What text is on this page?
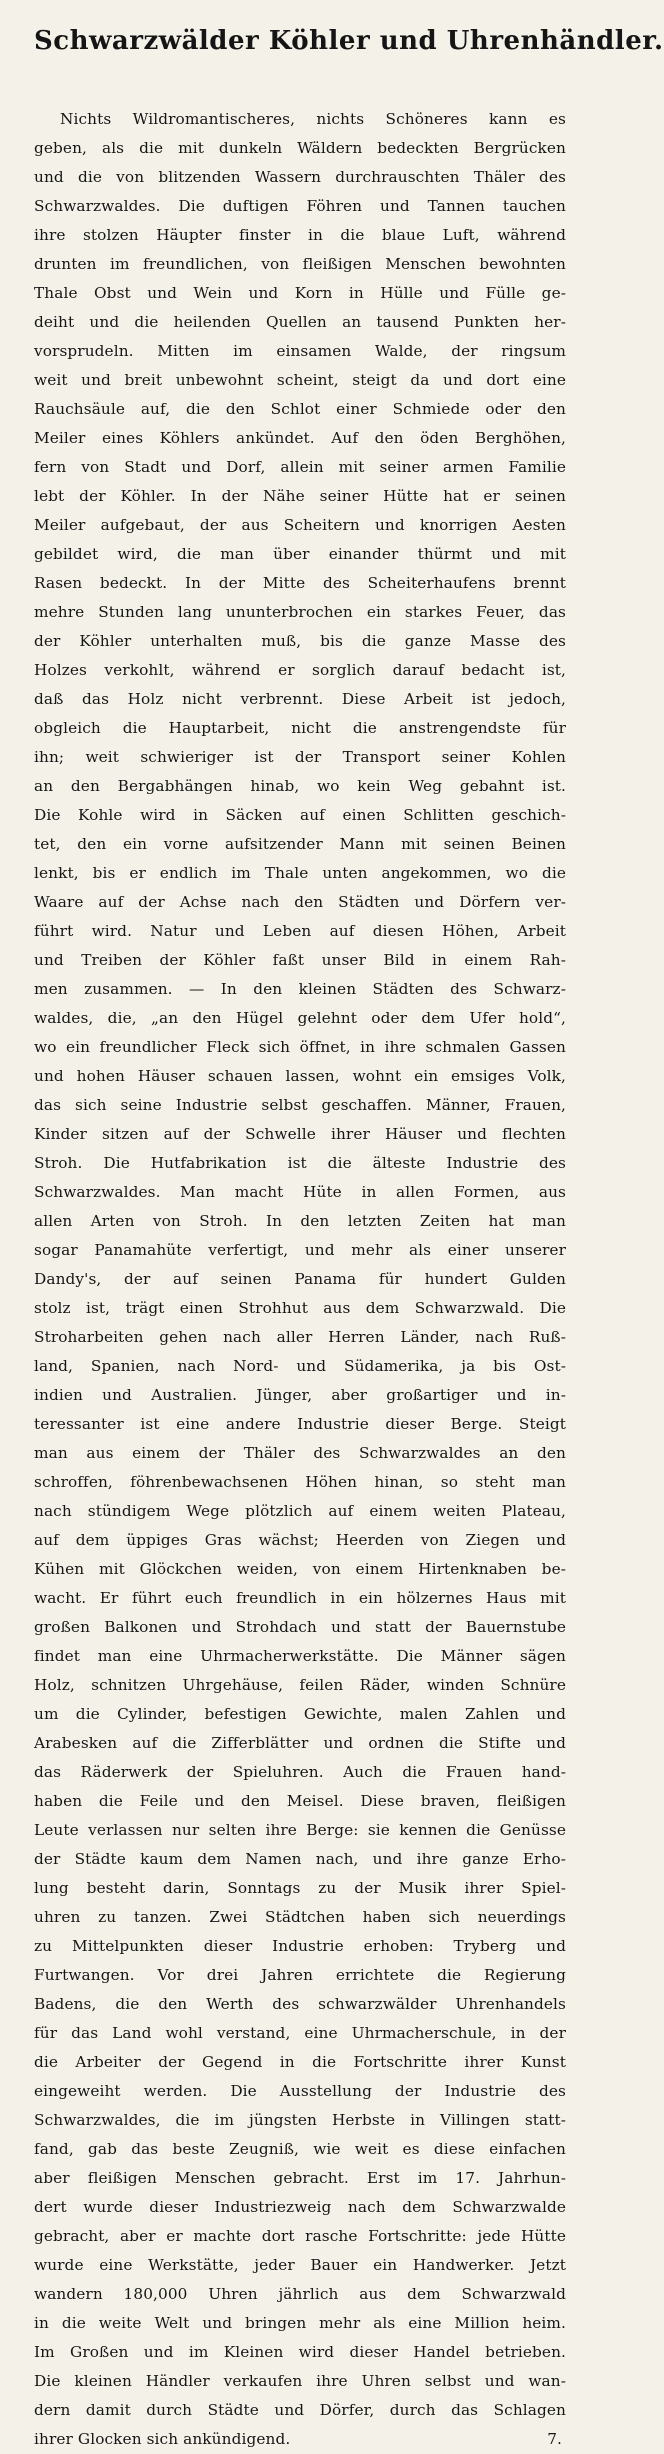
Schwarzwälder Köhler und Uhrenhändler.
Nichts Wildromantischeres, nichts Schöneres kann es
geben, als die mit dunkeln Wäldern bedeckten Bergrücken
und die von blitzenden Wassern durchrauschten Thäler des
Schwarzwaldes. Die duftigen Föhren und Tannen tauchen
ihre stolzen Häupter finster in die blaue Luft, während
drunten im freundlichen, von fleißigen Menschen bewohnten
Thale Obst und Wein und Korn in Hülle und Fülle ge-
deiht und die heilenden Quellen an tausend Punkten her-
vorsprudeln. Mitten im einsamen Walde, der ringsum
weit und breit unbewohnt scheint, steigt da und dort eine
Rauchsäule auf, die den Schlot einer Schmiede oder den
Meiler eines Köhlers ankündet. Auf den öden Berghöhen,
fern von Stadt und Dorf, allein mit seiner armen Familie
lebt der Köhler. In der Nähe seiner Hütte hat er seinen
Meiler aufgebaut, der aus Scheitern und knorrigen Aesten
gebildet wird, die man über einander thürmt und mit
Rasen bedeckt. In der Mitte des Scheiterhaufens brennt
mehre Stunden lang ununterbrochen ein starkes Feuer, das
der Köhler unterhalten muß, bis die ganze Masse des
Holzes verkohlt, während er sorglich darauf bedacht ist,
daß das Holz nicht verbrennt. Diese Arbeit ist jedoch,
obgleich die Hauptarbeit, nicht die anstrengendste für
ihn; weit schwieriger ist der Transport seiner Kohlen
an den Bergabhängen hinab, wo kein Weg gebahnt ist.
Die Kohle wird in Säcken auf einen Schlitten geschich-
tet, den ein vorne aufsitzender Mann mit seinen Beinen
lenkt, bis er endlich im Thale unten angekommen, wo die
Waare auf der Achse nach den Städten und Dörfern ver-
führt wird. Natur und Leben auf diesen Höhen, Arbeit
und Treiben der Köhler faßt unser Bild in einem Rah-
men zusammen. — In den kleinen Städten des Schwarz-
waldes, die, „an den Hügel gelehnt oder dem Ufer hold“,
wo ein freundlicher Fleck sich öffnet, in ihre schmalen Gassen
und hohen Häuser schauen lassen, wohnt ein emsiges Volk,
das sich seine Industrie selbst geschaffen. Männer, Frauen,
Kinder sitzen auf der Schwelle ihrer Häuser und flechten
Stroh. Die Hutfabrikation ist die älteste Industrie des
Schwarzwaldes. Man macht Hüte in allen Formen, aus
allen Arten von Stroh. In den letzten Zeiten hat man
sogar Panamahüte verfertigt, und mehr als einer unserer
Dandy's, der auf seinen Panama für hundert Gulden
stolz ist, trägt einen Strohhut aus dem Schwarzwald. Die
Stroharbeiten gehen nach aller Herren Länder, nach Ruß-
land, Spanien, nach Nord- und Südamerika, ja bis Ost-
indien und Australien. Jünger, aber großartiger und in-
teressanter ist eine andere Industrie dieser Berge. Steigt
man aus einem der Thäler des Schwarzwaldes an den
schroffen, föhrenbewachsenen Höhen hinan, so steht man
nach stündigem Wege plötzlich auf einem weiten Plateau,
auf dem üppiges Gras wächst; Heerden von Ziegen und
Kühen mit Glöckchen weiden, von einem Hirtenknaben be-
wacht. Er führt euch freundlich in ein hölzernes Haus mit
großen Balkonen und Strohdach und statt der Bauernstube
findet man eine Uhrmacherwerkstätte. Die Männer sägen
Holz, schnitzen Uhrgehäuse, feilen Räder, winden Schnüre
um die Cylinder, befestigen Gewichte, malen Zahlen und
Arabesken auf die Zifferblätter und ordnen die Stifte und
das Räderwerk der Spieluhren. Auch die Frauen hand-
haben die Feile und den Meisel. Diese braven, fleißigen
Leute verlassen nur selten ihre Berge: sie kennen die Genüsse
der Städte kaum dem Namen nach, und ihre ganze Erho-
lung besteht darin, Sonntags zu der Musik ihrer Spiel-
uhren zu tanzen. Zwei Städtchen haben sich neuerdings
zu Mittelpunkten dieser Industrie erhoben: Tryberg und
Furtwangen. Vor drei Jahren errichtete die Regierung
Badens, die den Werth des schwarzwälder Uhrenhandels
für das Land wohl verstand, eine Uhrmacherschule, in der
die Arbeiter der Gegend in die Fortschritte ihrer Kunst
eingeweiht werden. Die Ausstellung der Industrie des
Schwarzwaldes, die im jüngsten Herbste in Villingen statt-
fand, gab das beste Zeugniß, wie weit es diese einfachen
aber fleißigen Menschen gebracht. Erst im 17. Jahrhun-
dert wurde dieser Industriezweig nach dem Schwarzwalde
gebracht, aber er machte dort rasche Fortschritte: jede Hütte
wurde eine Werkstätte, jeder Bauer ein Handwerker. Jetzt
wandern 180,000 Uhren jährlich aus dem Schwarzwald
in die weite Welt und bringen mehr als eine Million heim.
Im Großen und im Kleinen wird dieser Handel betrieben.
Die kleinen Händler verkaufen ihre Uhren selbst und wan-
dern damit durch Städte und Dörfer, durch das Schlagen
ihrer Glocken sich ankündigend.	7.
